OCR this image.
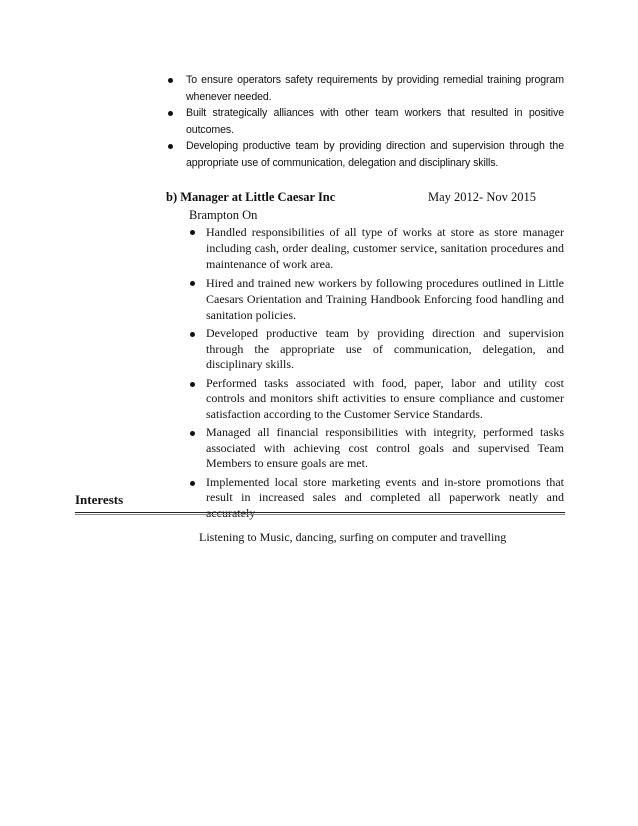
To ensure operators safety requirements by providing remedial training program whenever needed.
Built strategically alliances with other team workers that resulted in positive outcomes.
Developing productive team by providing direction and supervision through the appropriate use of communication, delegation and disciplinary skills.
b) Manager at Little Caesar Inc	May 2012- Nov 2015
Brampton On
Handled responsibilities of all type of works at store as store manager including cash, order dealing, customer service, sanitation procedures and maintenance of work area.
Hired and trained new workers by following procedures outlined in Little Caesars Orientation and Training Handbook Enforcing food handling and sanitation policies.
Developed productive team by providing direction and supervision through the appropriate use of communication, delegation, and disciplinary skills.
Performed tasks associated with food, paper, labor and utility cost controls and monitors shift activities to ensure compliance and customer satisfaction according to the Customer Service Standards.
Managed all financial responsibilities with integrity, performed tasks associated with achieving cost control goals and supervised Team Members to ensure goals are met.
Implemented local store marketing events and in-store promotions that result in increased sales and completed all paperwork neatly and accurately
Interests
Listening to Music, dancing, surfing on computer and travelling
